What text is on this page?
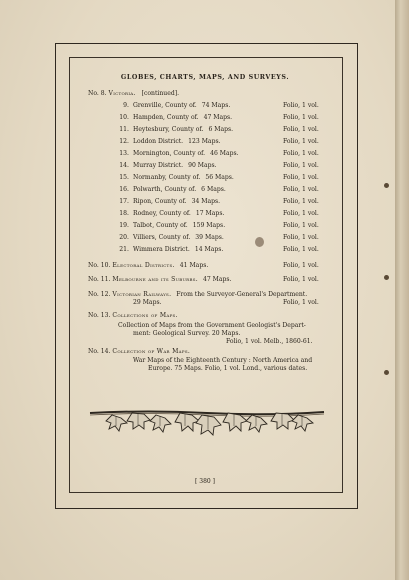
GLOBES, CHARTS, MAPS, AND SURVEYS.
No. 8. Victoria. [continued].
9. Grenville, County of. 74 Maps.	Folio, 1 vol.
10. Hampden, County of. 47 Maps.	Folio, 1 vol.
11. Heytesbury, County of. 6 Maps.	Folio, 1 vol.
12. Loddon District. 123 Maps.	Folio, 1 vol.
13. Mornington, County of. 46 Maps.	Folio, 1 vol.
14. Murray District. 90 Maps.	Folio, 1 vol.
15. Normanby, County of. 56 Maps.	Folio, 1 vol.
16. Polwarth, County of. 6 Maps.	Folio, 1 vol.
17. Ripon, County of. 34 Maps.	Folio, 1 vol.
18. Rodney, County of. 17 Maps.	Folio, 1 vol.
19. Talbot, County of. 159 Maps.	Folio, 1 vol.
20. Villiers, County of. 39 Maps.	Folio, 1 vol.
21. Wimmera District. 14 Maps.	Folio, 1 vol.
No. 10. Electoral Districts. 41 Maps.	Folio, 1 vol.
No. 11. Melbourne and its Suburbs. 47 Maps.	Folio, 1 vol.
No. 12. Victorian Railways. From the Surveyor-General's Department.
29 Maps.	Folio, 1 vol.
No. 13. Collections of Maps.
Collection of Maps from the Government Geologist's Depart-
ment: Geological Survey. 20 Maps.
Folio, 1 vol. Melb., 1860-61.
No. 14. Collection of War Maps.
War Maps of the Eighteenth Century : North America and
Europe. 75 Maps. Folio, 1 vol. Lond., various dates.
[ 380 ]
